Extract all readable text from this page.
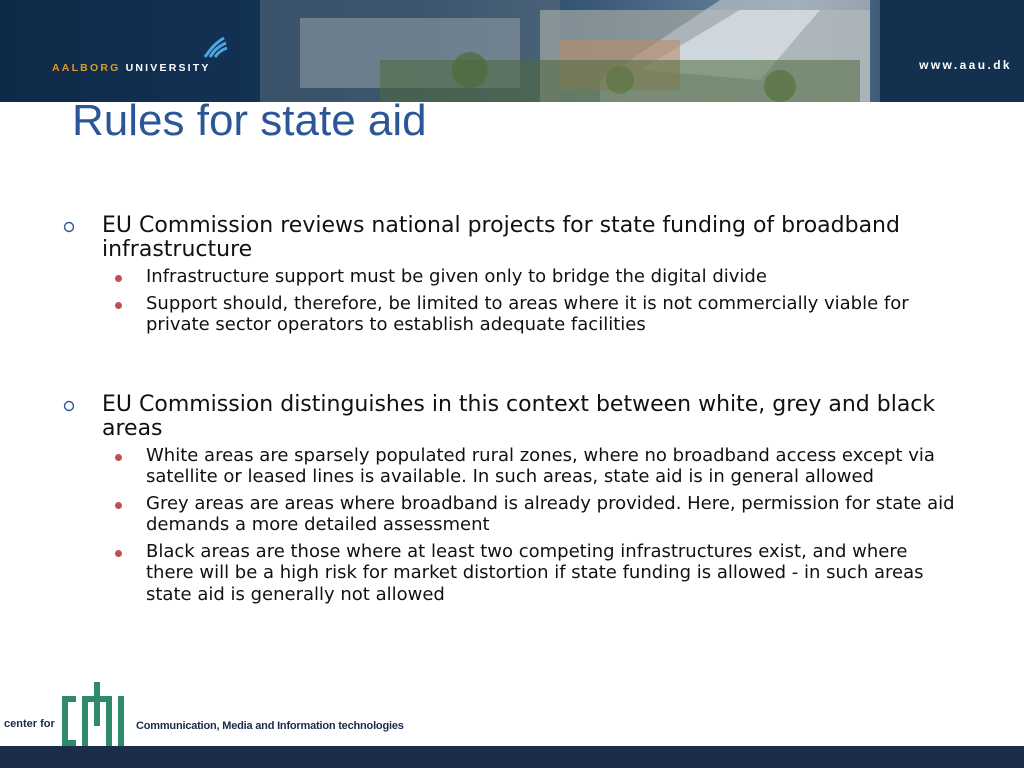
AALBORG UNIVERSITY	www.aau.dk
Rules for state aid
EU Commission reviews national projects for state funding of broadband infrastructure
Infrastructure support must be given only to bridge the digital divide
Support should, therefore, be limited to areas where it is not commercially viable for private sector operators to establish adequate facilities
EU Commission distinguishes in this context between white, grey and black areas
White areas are sparsely populated rural zones, where no broadband access except via satellite or leased lines is available. In such areas, state aid is in general allowed
Grey areas are areas where broadband is already provided. Here, permission for state aid demands a more detailed assessment
Black areas are those where at least two competing infrastructures exist, and where there will be a high risk for market distortion if state funding is allowed - in such areas state aid is generally not allowed
center for	Communication, Media and Information technologies
